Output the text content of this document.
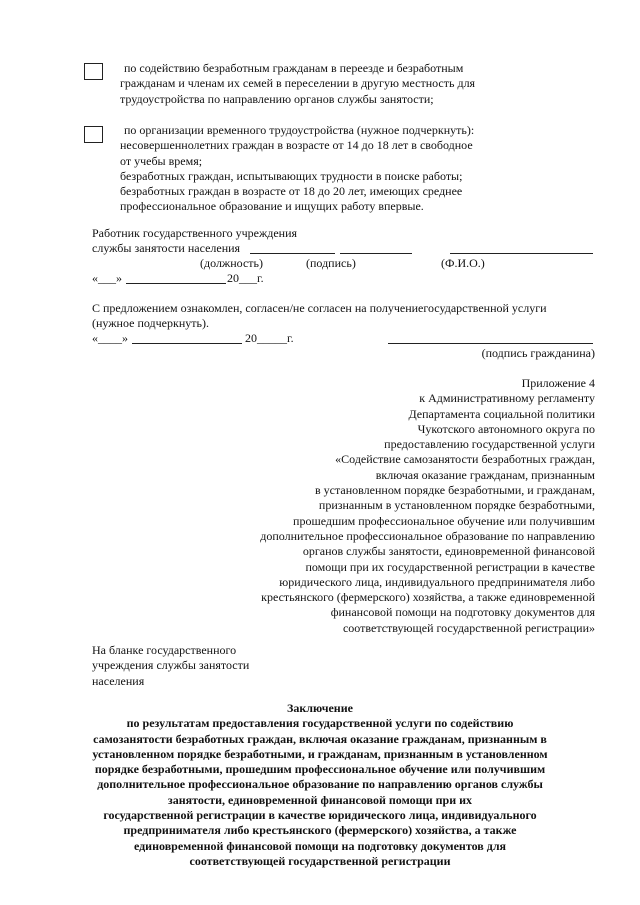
по содействию безработным гражданам в переезде и безработным
гражданам и членам их семей в переселении в другую местность для
трудоустройства по направлению органов службы занятости;
по организации временного трудоустройства (нужное подчеркнуть):
несовершеннолетних граждан в возрасте от 14 до 18 лет в свободное
от учебы время;
безработных граждан, испытывающих трудности в поиске работы;
безработных граждан в возрасте от 18 до 20 лет, имеющих среднее
профессиональное образование и ищущих работу впервые.
Работник государственного учреждения
службы занятости населения
(должность)	(подпись)	(Ф.И.О.)
«___»	20___г.
С предложением ознакомлен, согласен/не согласен на получениегосударственной услуги
(нужное подчеркнуть).
«____»	20_____г.
(подпись гражданина)
Приложение 4
к Административному регламенту
Департамента социальной политики
Чукотского автономного округа по
предоставлению государственной услуги
«Содействие самозанятости безработных граждан,
включая оказание гражданам, признанным
в установленном порядке безработными, и гражданам,
признанным в установленном порядке безработными,
прошедшим профессиональное обучение или получившим
дополнительное профессиональное образование по направлению
органов службы занятости, единовременной финансовой
помощи при их государственной регистрации в качестве
юридического лица, индивидуального предпринимателя либо
крестьянского (фермерского) хозяйства, а также единовременной
финансовой помощи на подготовку документов для
соответствующей государственной регистрации»
На бланке государственного
учреждения службы занятости
населения
Заключение
по результатам предоставления государственной услуги по содействию
самозанятости безработных граждан, включая оказание гражданам, признанным в
установленном порядке безработными, и гражданам, признанным в установленном
порядке безработными, прошедшим профессиональное обучение или получившим
дополнительное профессиональное образование по направлению органов службы
занятости, единовременной финансовой помощи при их
государственной регистрации в качестве юридического лица, индивидуального
предпринимателя либо крестьянского (фермерского) хозяйства, а также
единовременной финансовой помощи на подготовку документов для
соответствующей государственной регистрации
